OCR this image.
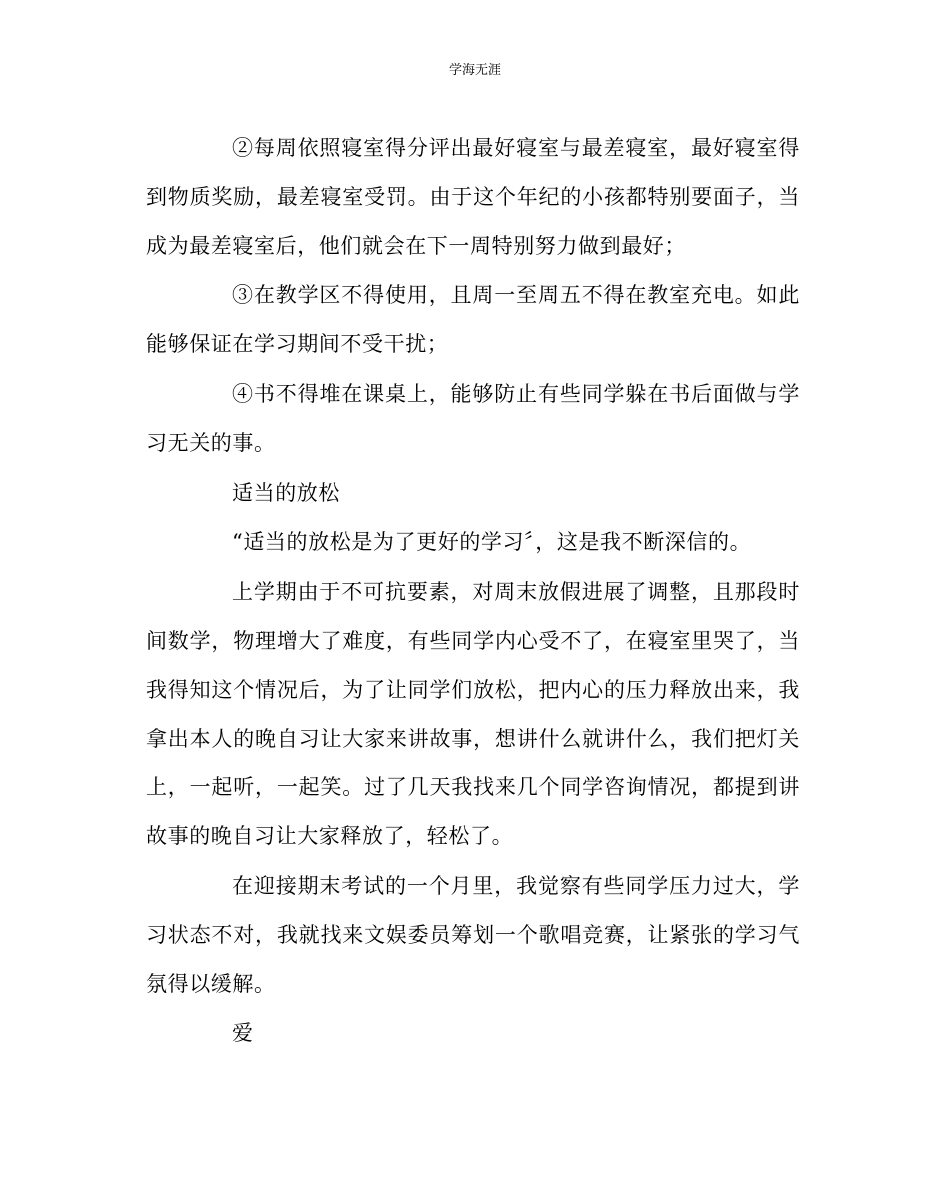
学海无涯

②每周依照寝室得分评出最好寝室与最差寝室，最好寝室得到物质奖励，最差寝室受罚。由于这个年纪的小孩都特别要面子，当成为最差寝室后，他们就会在下一周特别努力做到最好；

③在教学区不得使用，且周一至周五不得在教室充电。如此能够保证在学习期间不受干扰；

④书不得堆在课桌上，能够防止有些同学躲在书后面做与学习无关的事。

适当的放松

“适当的放松是为了更好的学习〞，这是我不断深信的。

上学期由于不可抗要素，对周末放假进展了调整，且那段时间数学，物理增大了难度，有些同学内心受不了，在寝室里哭了，当我得知这个情况后，为了让同学们放松，把内心的压力释放出来，我拿出本人的晚自习让大家来讲故事，想讲什么就讲什么，我们把灯关上，一起听，一起笑。过了几天我找来几个同学咨询情况，都提到讲故事的晚自习让大家释放了，轻松了。

在迎接期末考试的一个月里，我觉察有些同学压力过大，学习状态不对，我就找来文娱委员筹划一个歌唱竞赛，让紧张的学习气氛得以缓解。

爱
